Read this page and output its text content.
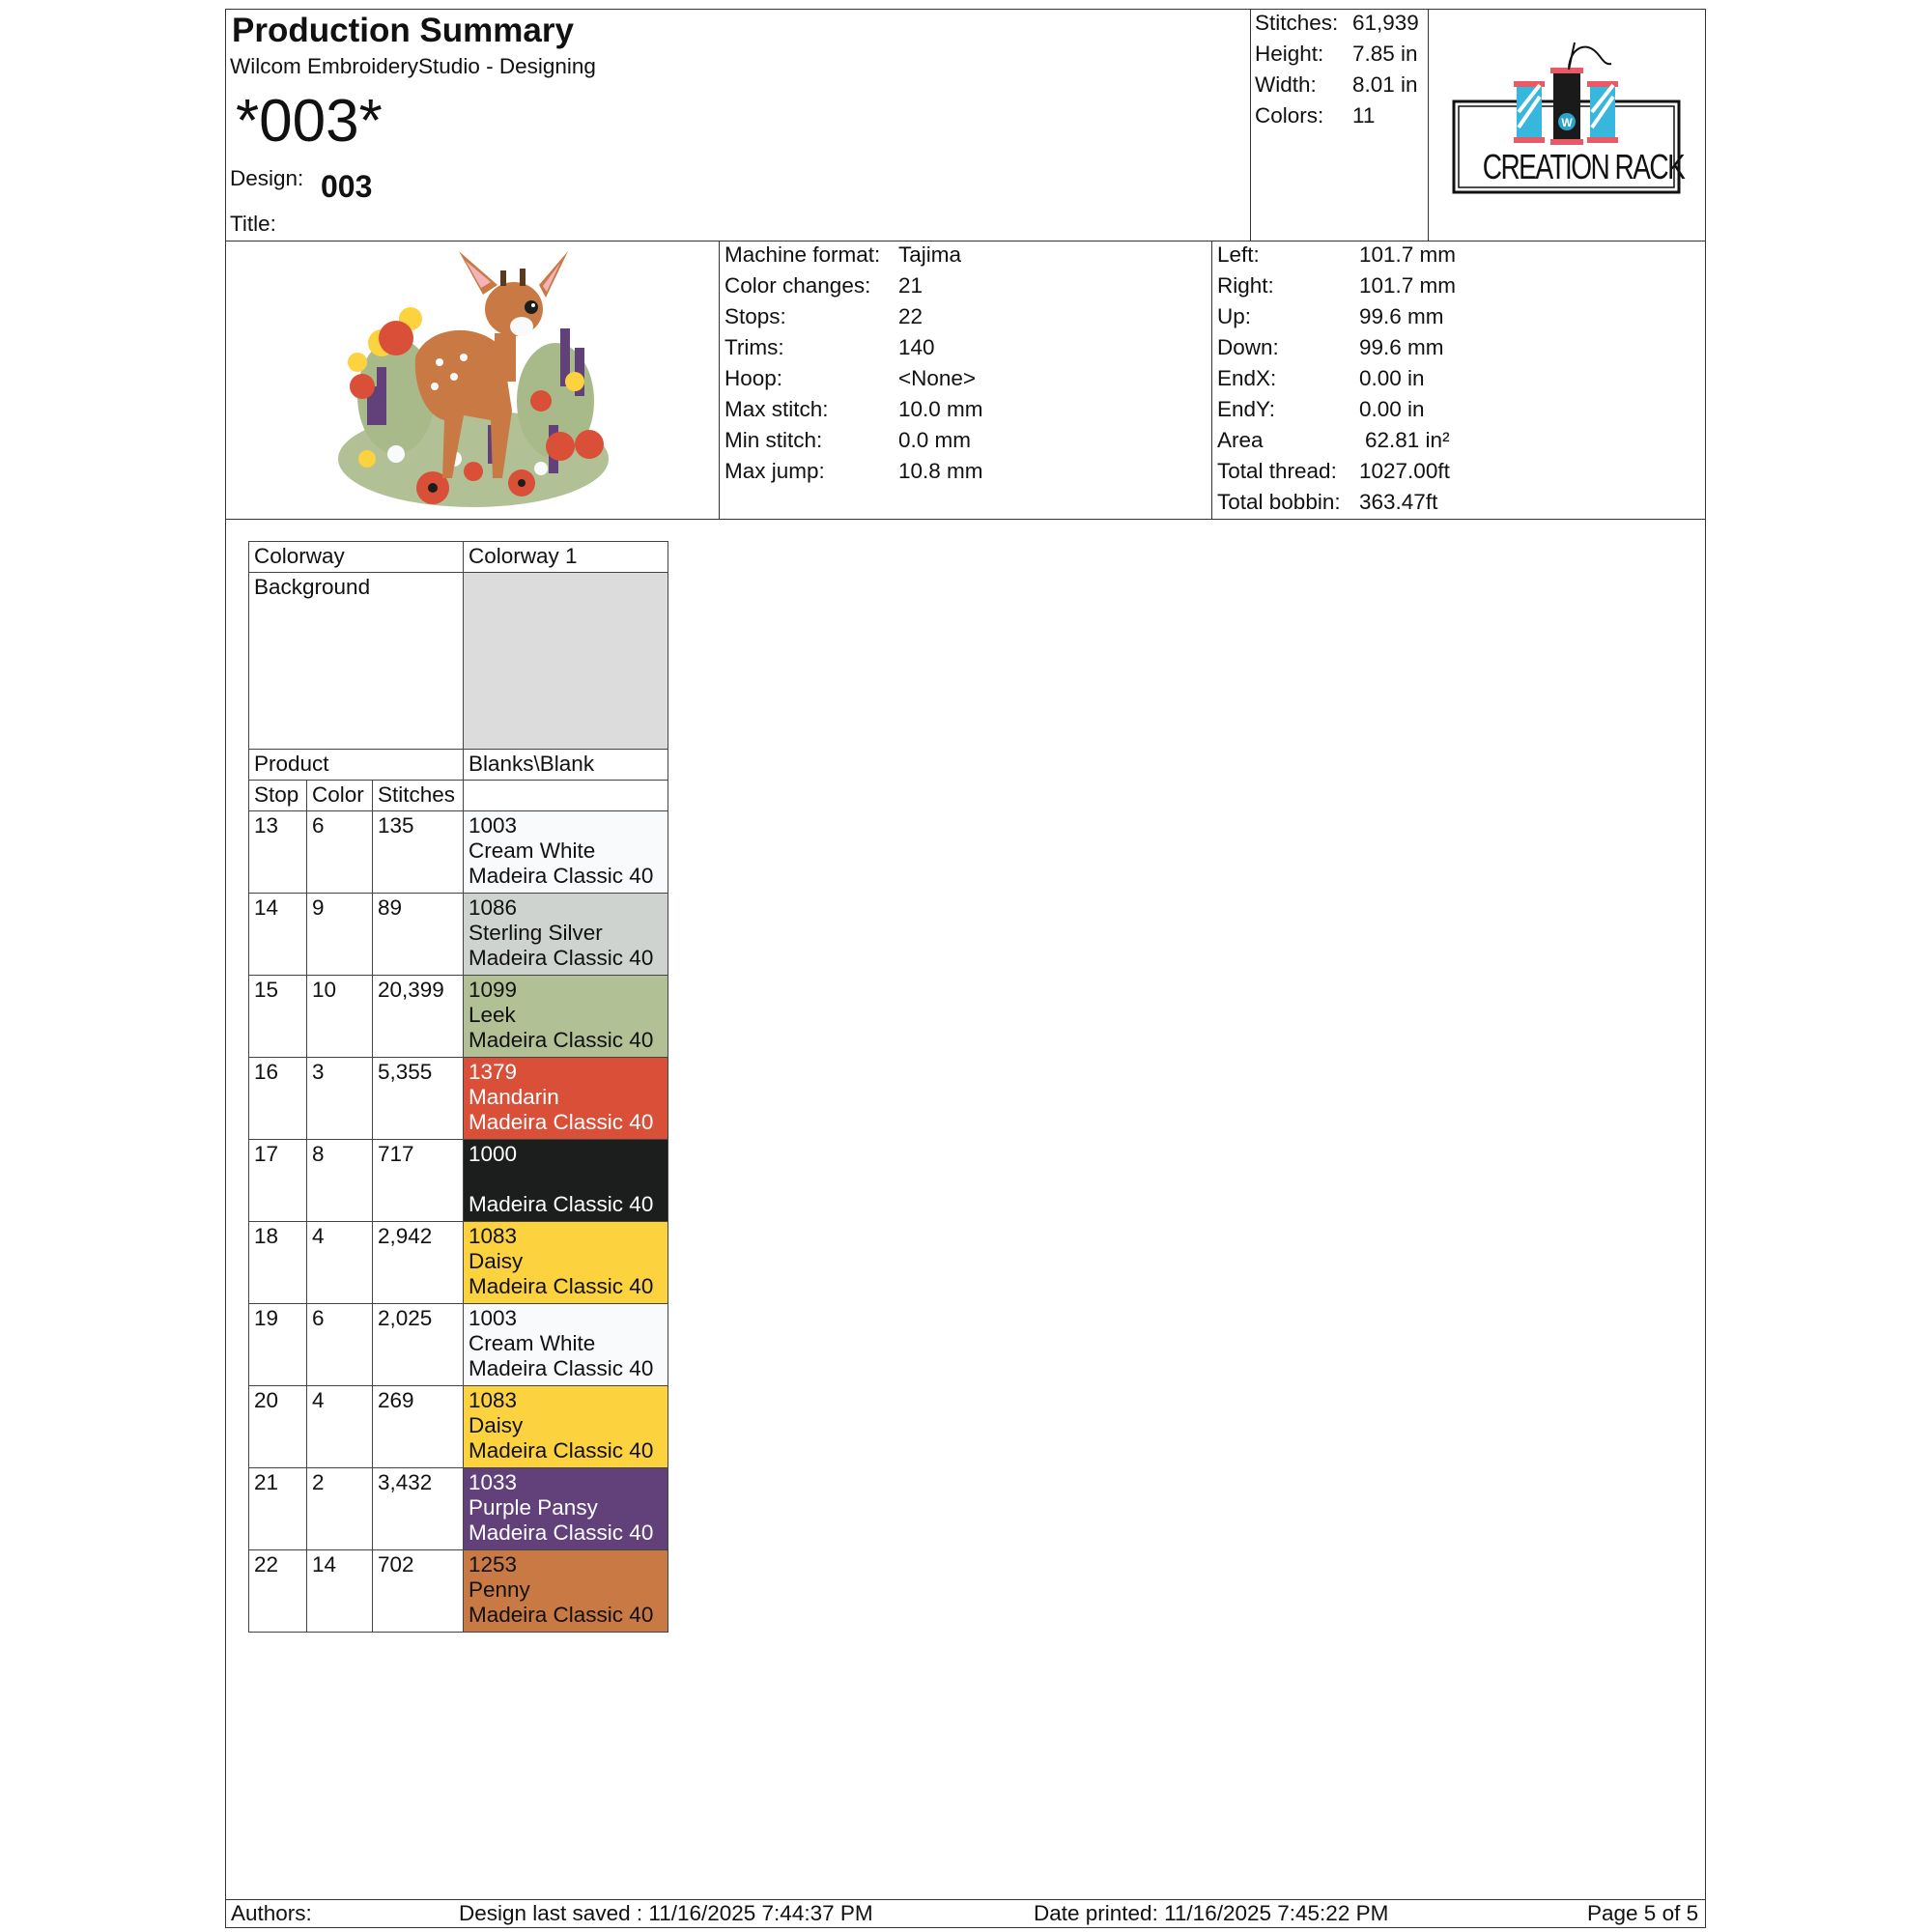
Production Summary
Wilcom EmbroideryStudio - Designing
*003*
Design: 003
Title:
Stitches: 61,939
Height: 7.85 in
Width: 8.01 in
Colors: 11	W
CREATION RACK
Machine format: Tajima
Color changes: 21
Stops:	22
Trims:	140
Hoop:	<None>
Max stitch:	10.0 mm
Min stitch:	0.0 mm
Max jump:	10.8 mm
Left:	101.7 mm
Right:	101.7 mm
Up:	99.6 mm
Down:	99.6 mm
EndX:	0.00 in
EndY:	0.00 in
Area	62.81 in²
Total thread: 1027.00ft
Total bobbin: 363.47ft
Colorway			Colorway 1
Background			
Product			Blanks\Blank
Stop	Color	Stitches	
13	6	135	1003
Cream White
Madeira Classic 40

14	9	89	1086
Sterling Silver
Madeira Classic 40

15	10	20,399	1099
Leek
Madeira Classic 40

16	3	5,355	1379
Mandarin
Madeira Classic 40

17	8	717	1000

Madeira Classic 40

18	4	2,942	1083
Daisy
Madeira Classic 40

19	6	2,025	1003
Cream White
Madeira Classic 40

20	4	269	1083
Daisy
Madeira Classic 40

21	2	3,432	1033
Purple Pansy
Madeira Classic 40

22	14	702	1253
Penny
Madeira Classic 40
Authors:	Design last saved : 11/16/2025 7:44:37 PM	Date printed: 11/16/2025 7:45:22 PM	Page 5 of 5
